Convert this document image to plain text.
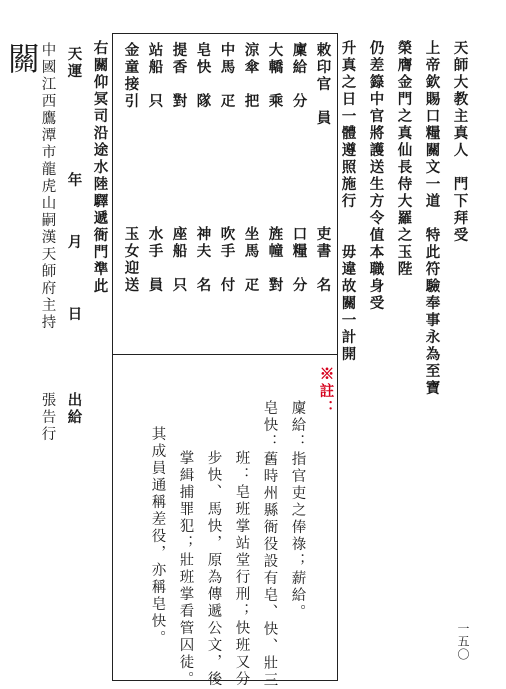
天師大教主真人　門下拜受
上帝欽賜口糧關文一道　特此符驗奉事永為至寶
榮膺金門之真仙長侍大羅之玉陛
仍差籙中官將護送生方令值本職身受
升真之日一體遵照施行　　毋違故關一計開
敕印官　員
廩給　分
大轎　乘
涼傘　把
中馬　疋
皂快　隊
提香　對
站船　只
金童接引
吏書　名
口糧　分
旌幢　對
坐馬　疋
吹手　付
神夫　名
座船　只
水手　員
玉女迎送
※註：
廩給：指官吏之俸祿；薪給。
皂快：舊時州縣衙役設有皂、快、壯三
班：皂班掌站堂行刑；快班又分
步快、馬快，原為傳遞公文，後
掌緝捕罪犯；壯班掌看管囚徒。
其成員通稱差役，亦稱皂快。
右關仰冥司沿途水陸驛遞衙門準此
天運
年
月
日
出給
中國江西鷹潭市龍虎山嗣漢天師府主持
張告行
關
一五〇
